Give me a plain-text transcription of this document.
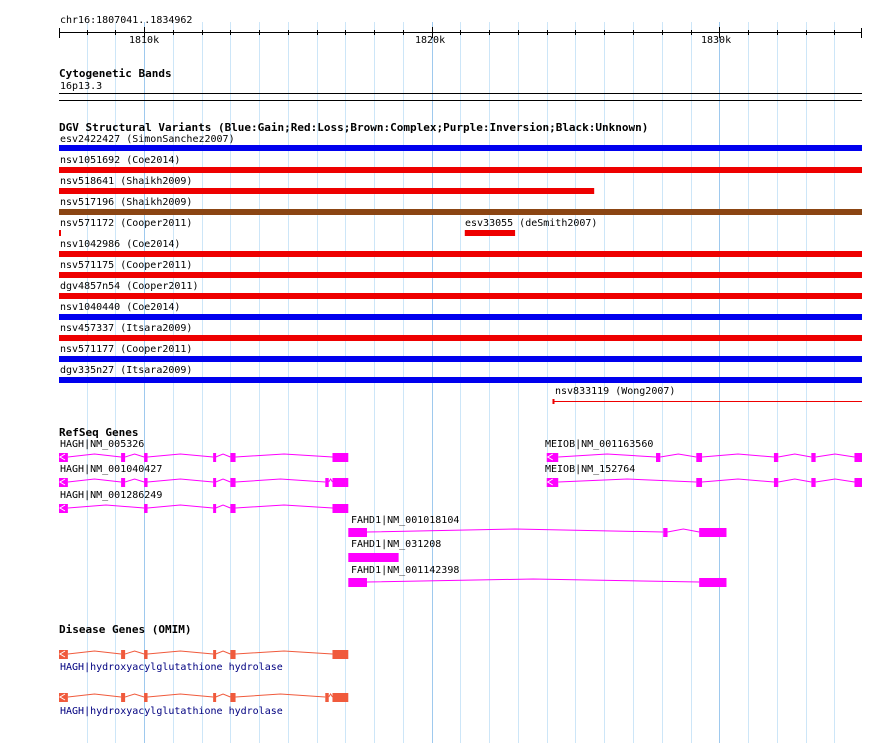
chr16:1807041..1834962
1810k	1820k	1830k
Cytogenetic Bands
16p13.3
DGV Structural Variants (Blue:Gain;Red:Loss;Brown:Complex;Purple:Inversion;Black:Unknown)
RefSeq Genes
Disease Genes (OMIM)
esv2422427 (SimonSanchez2007)
nsv1051692 (Coe2014)
nsv518641 (Shaikh2009)
nsv517196 (Shaikh2009)
nsv571172 (Cooper2011)	esv33055 (deSmith2007)
nsv1042986 (Coe2014)
nsv571175 (Cooper2011)
dgv4857n54 (Cooper2011)
nsv1040440 (Coe2014)
nsv457337 (Itsara2009)
nsv571177 (Cooper2011)
dgv335n27 (Itsara2009)
nsv833119 (Wong2007)
HAGH|NM_005326
HAGH|NM_001040427
HAGH|NM_001286249
MEIOB|NM_001163560
MEIOB|NM_152764
FAHD1|NM_001018104
FAHD1|NM_031208
FAHD1|NM_001142398
HAGH|hydroxyacylglutathione hydrolase
HAGH|hydroxyacylglutathione hydrolase
